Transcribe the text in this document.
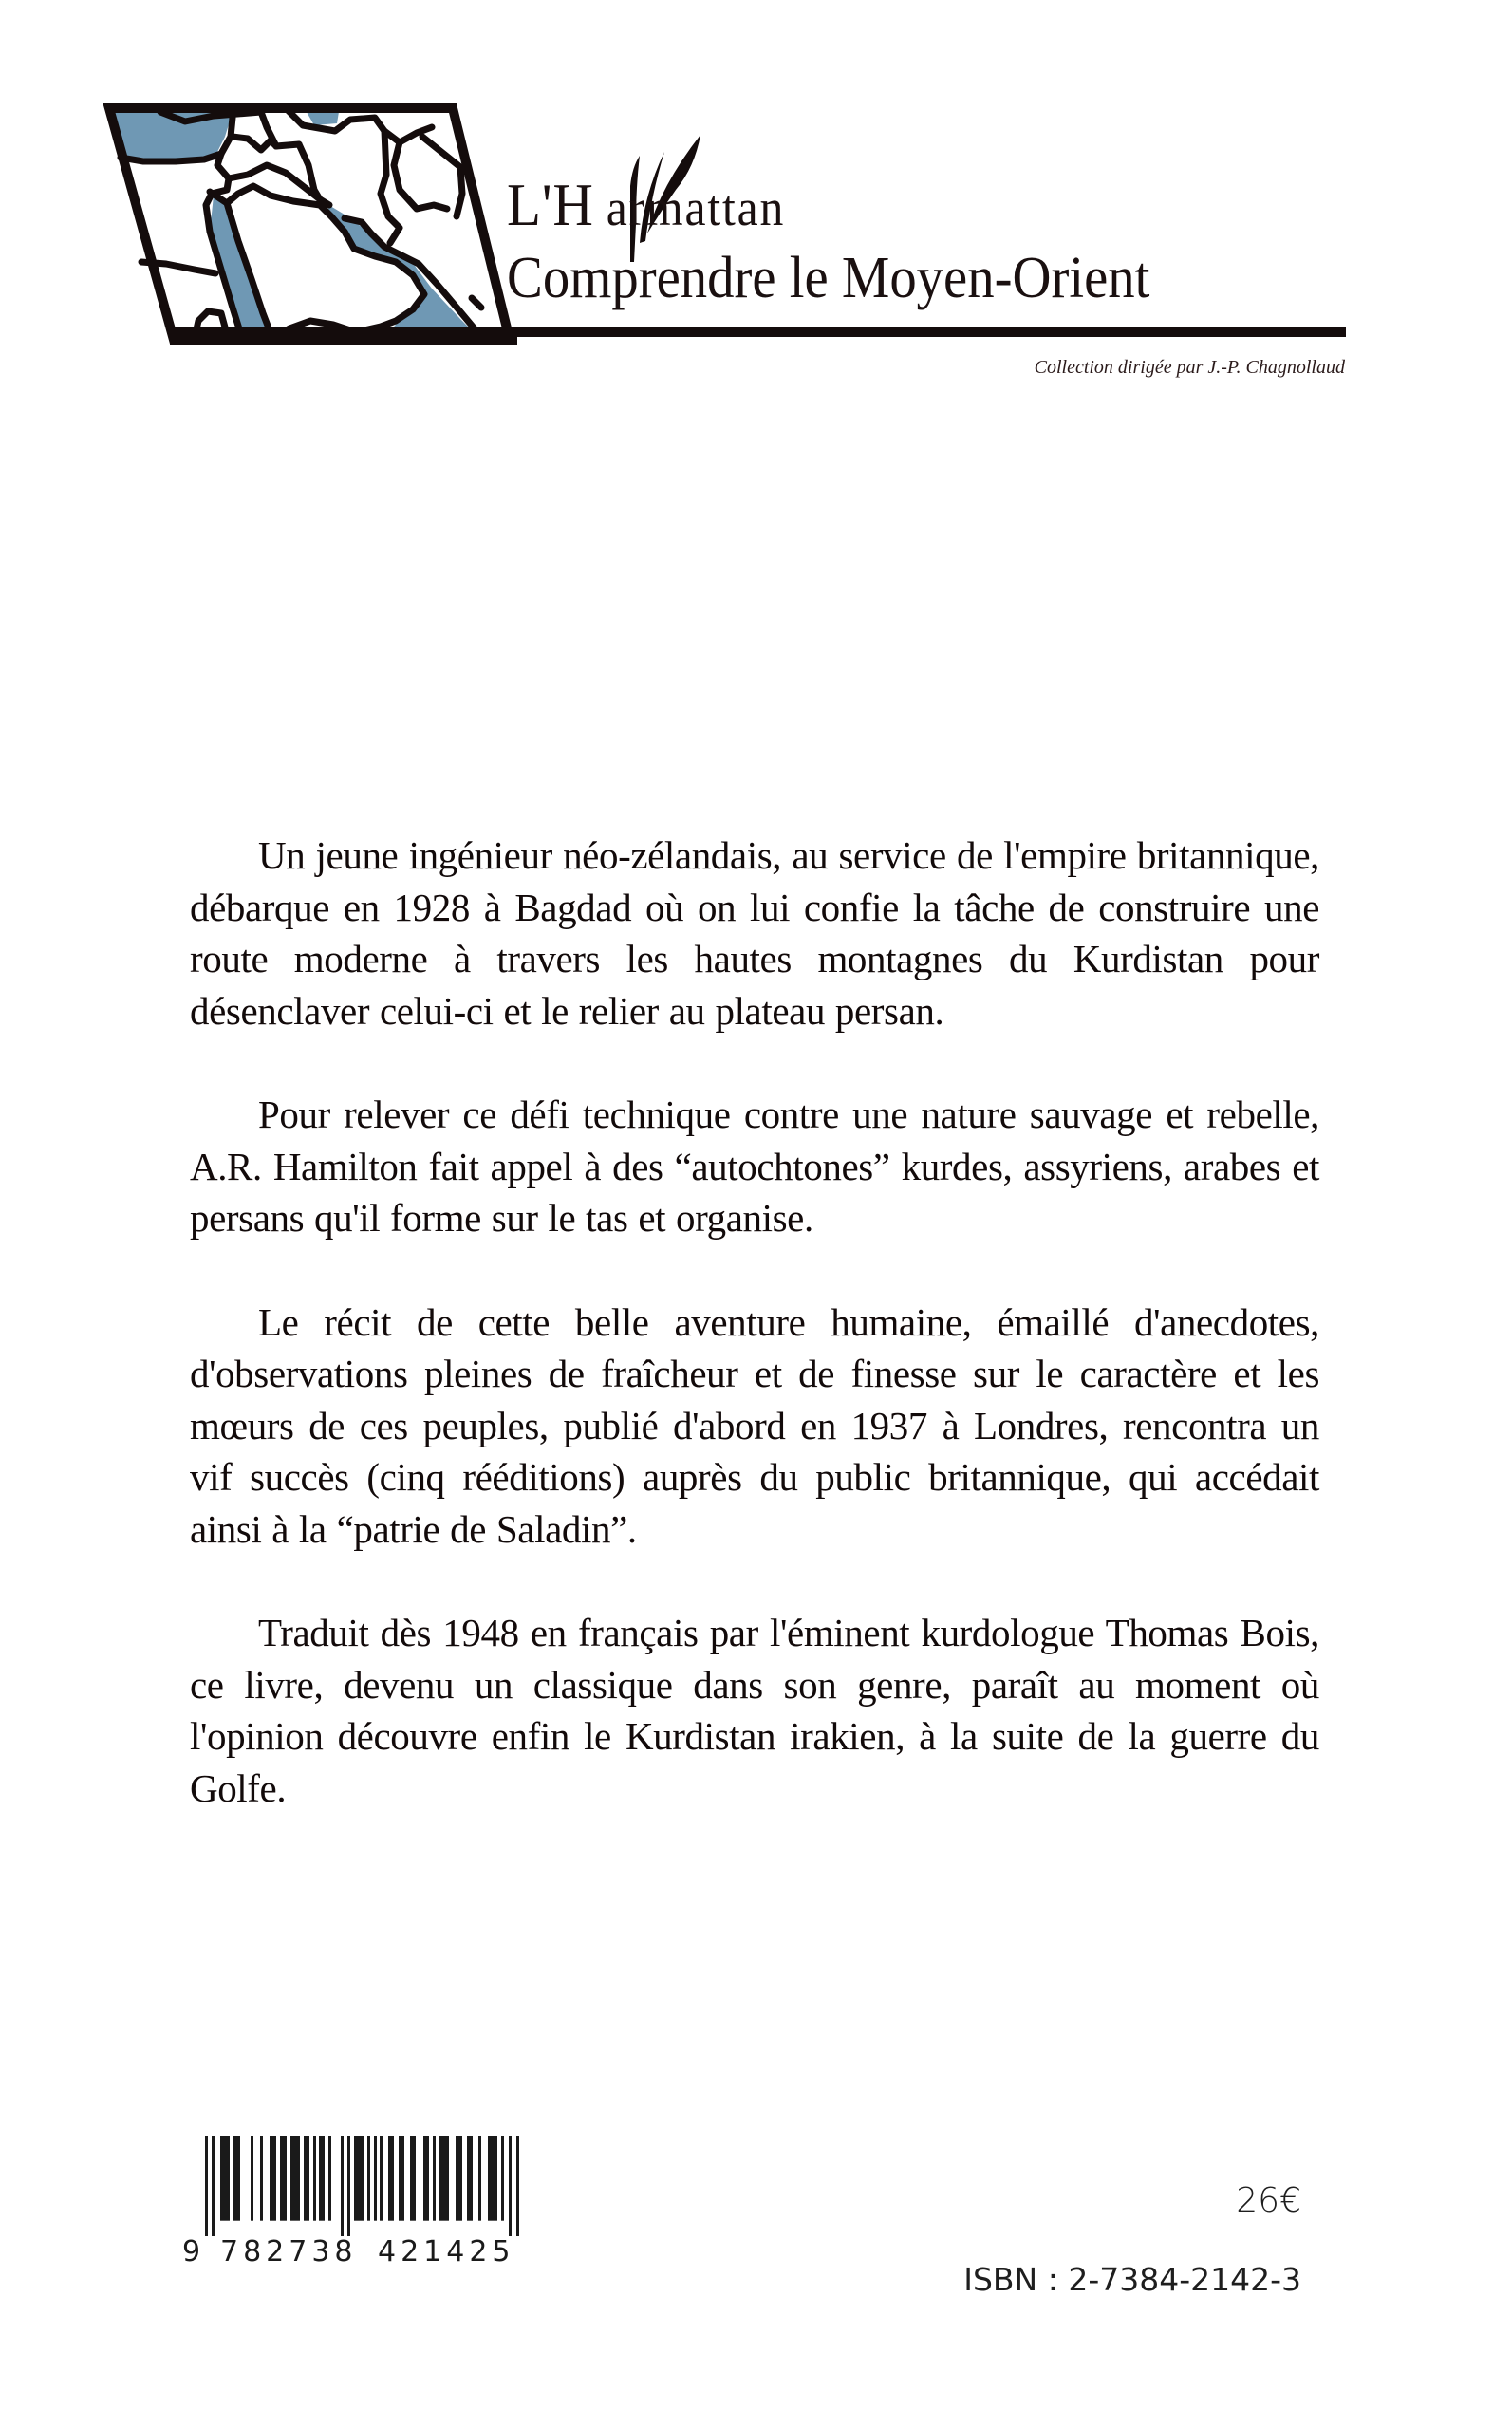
L'H armattan
Comprendre le Moyen-Orient
Collection dirigée par J.-P. Chagnollaud

Un jeune ingénieur néo-zélandais, au service de l'empire britannique, débarque en 1928 à Bagdad où on lui confie la tâche de construire une route moderne à travers les hautes montagnes du Kurdistan pour désenclaver celui-ci et le relier au plateau persan.

Pour relever ce défi technique contre une nature sauvage et rebelle, A.R. Hamilton fait appel à des “autochtones” kurdes, assyriens, arabes et persans qu'il forme sur le tas et organise.

Le récit de cette belle aventure humaine, émaillé d'anecdotes, d'observations pleines de fraîcheur et de finesse sur le caractère et les mœurs de ces peuples, publié d'abord en 1937 à Londres, rencontra un vif succès (cinq rééditions) auprès du public britannique, qui accédait ainsi à la “patrie de Saladin”.

Traduit dès 1948 en français par l'éminent kurdologue Thomas Bois, ce livre, devenu un classique dans son genre, paraît au moment où l'opinion découvre enfin le Kurdistan irakien, à la suite de la guerre du Golfe.

9 782738 421425
26€
ISBN : 2-7384-2142-3
